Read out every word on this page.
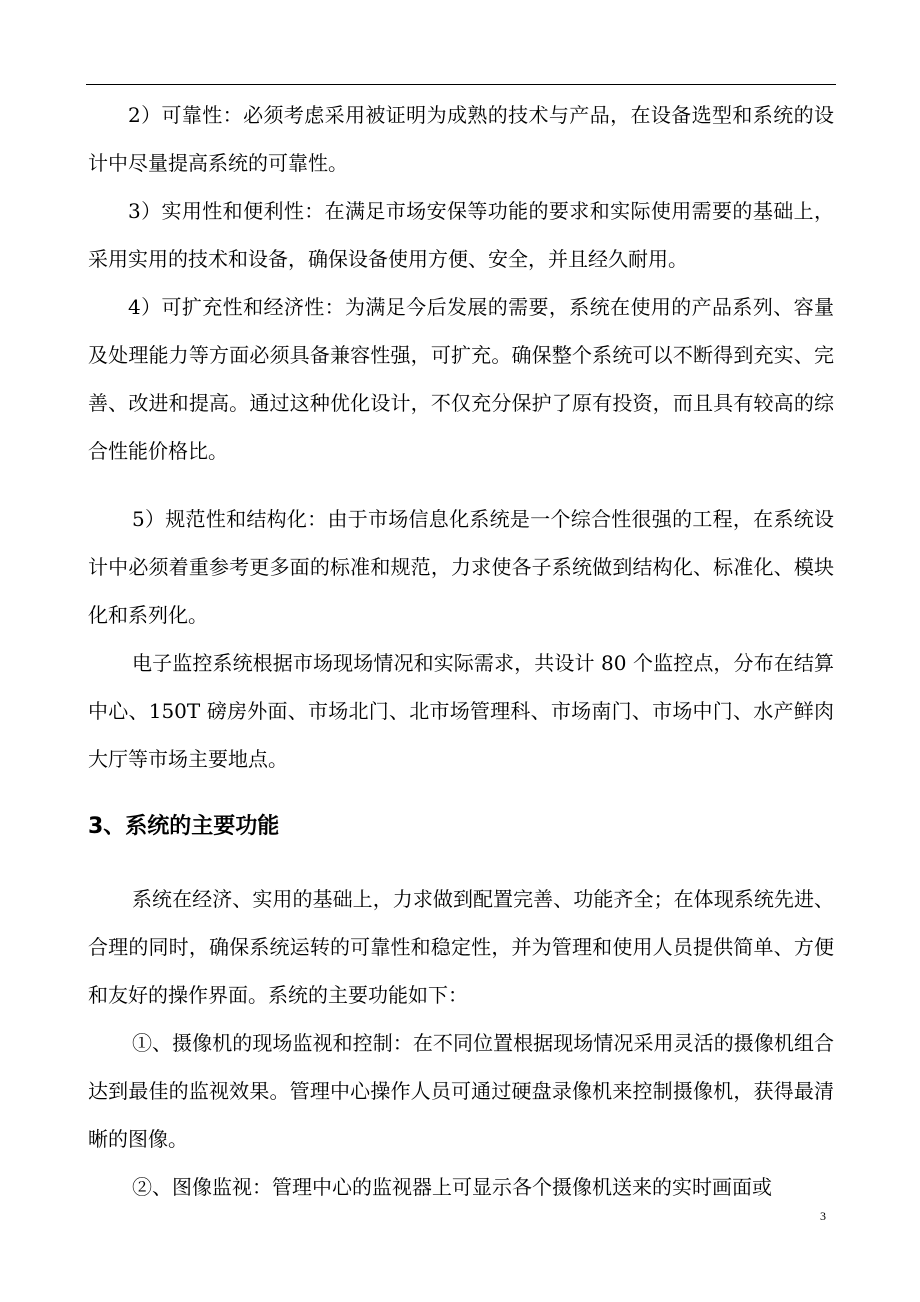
2）可靠性：必须考虑采用被证明为成熟的技术与产品，在设备选型和系统的设计中尽量提高系统的可靠性。

3）实用性和便利性：在满足市场安保等功能的要求和实际使用需要的基础上，采用实用的技术和设备，确保设备使用方便、安全，并且经久耐用。

4）可扩充性和经济性：为满足今后发展的需要，系统在使用的产品系列、容量及处理能力等方面必须具备兼容性强，可扩充。确保整个系统可以不断得到充实、完善、改进和提高。通过这种优化设计，不仅充分保护了原有投资，而且具有较高的综合性能价格比。

5）规范性和结构化：由于市场信息化系统是一个综合性很强的工程，在系统设计中必须着重参考更多面的标准和规范，力求使各子系统做到结构化、标准化、模块化和系列化。

电子监控系统根据市场现场情况和实际需求，共设计 80 个监控点，分布在结算中心、150T 磅房外面、市场北门、北市场管理科、市场南门、市场中门、水产鲜肉大厅等市场主要地点。

3、系统的主要功能

系统在经济、实用的基础上，力求做到配置完善、功能齐全；在体现系统先进、合理的同时，确保系统运转的可靠性和稳定性，并为管理和使用人员提供简单、方便和友好的操作界面。系统的主要功能如下：

①、摄像机的现场监视和控制：在不同位置根据现场情况采用灵活的摄像机组合达到最佳的监视效果。管理中心操作人员可通过硬盘录像机来控制摄像机，获得最清晰的图像。

②、图像监视：管理中心的监视器上可显示各个摄像机送来的实时画面或

3
